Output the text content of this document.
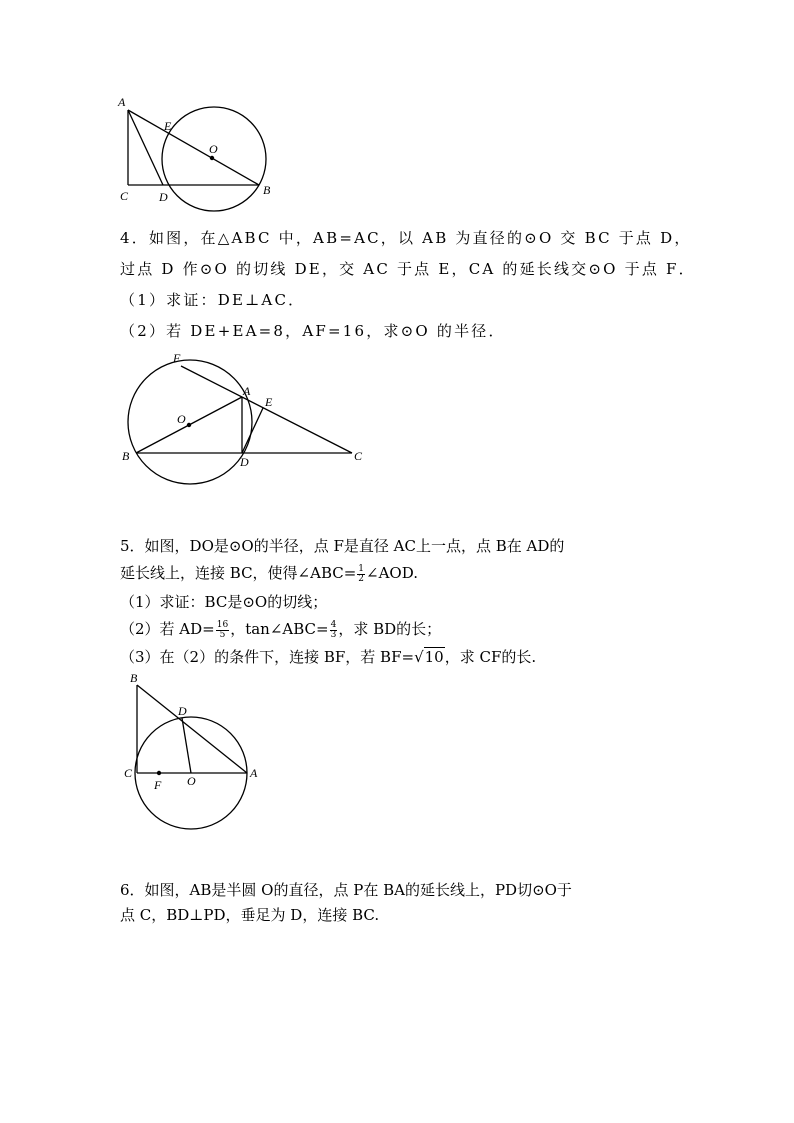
A
E
O
C	D	B
4．如图，在△ABC 中，AB=AC，以 AB 为直径的⊙O 交 BC 于点 D，
过点 D 作⊙O 的切线 DE，交 AC 于点 E，CA 的延长线交⊙O 于点 F．
（1）求证：DE⊥AC．
（2）若 DE+EA=8，AF=16，求⊙O 的半径．
F
A
E
O
B	D	C
5．如图，DO是⊙O的半径，点 F是直径 AC上一点，点 B在 AD的
延长线上，连接 BC，使得∠ABC= $\frac{1}{2}$ ∠AOD.
（1）求证：BC是⊙O的切线；
（2）若 $AD= \frac{16}{5}$ ，tan∠ABC= $\frac{4}{3}$ ，求 BD的长；
（3）在（2）的条件下，连接 BF，若 BF=√10，求 CF的长.
B
D
C
F O
A
6．如图，AB是半圆 O的直径，点 P在 BA的延长线上，PD切⊙O于
点 C，BD⊥PD，垂足为 D，连接 BC.
